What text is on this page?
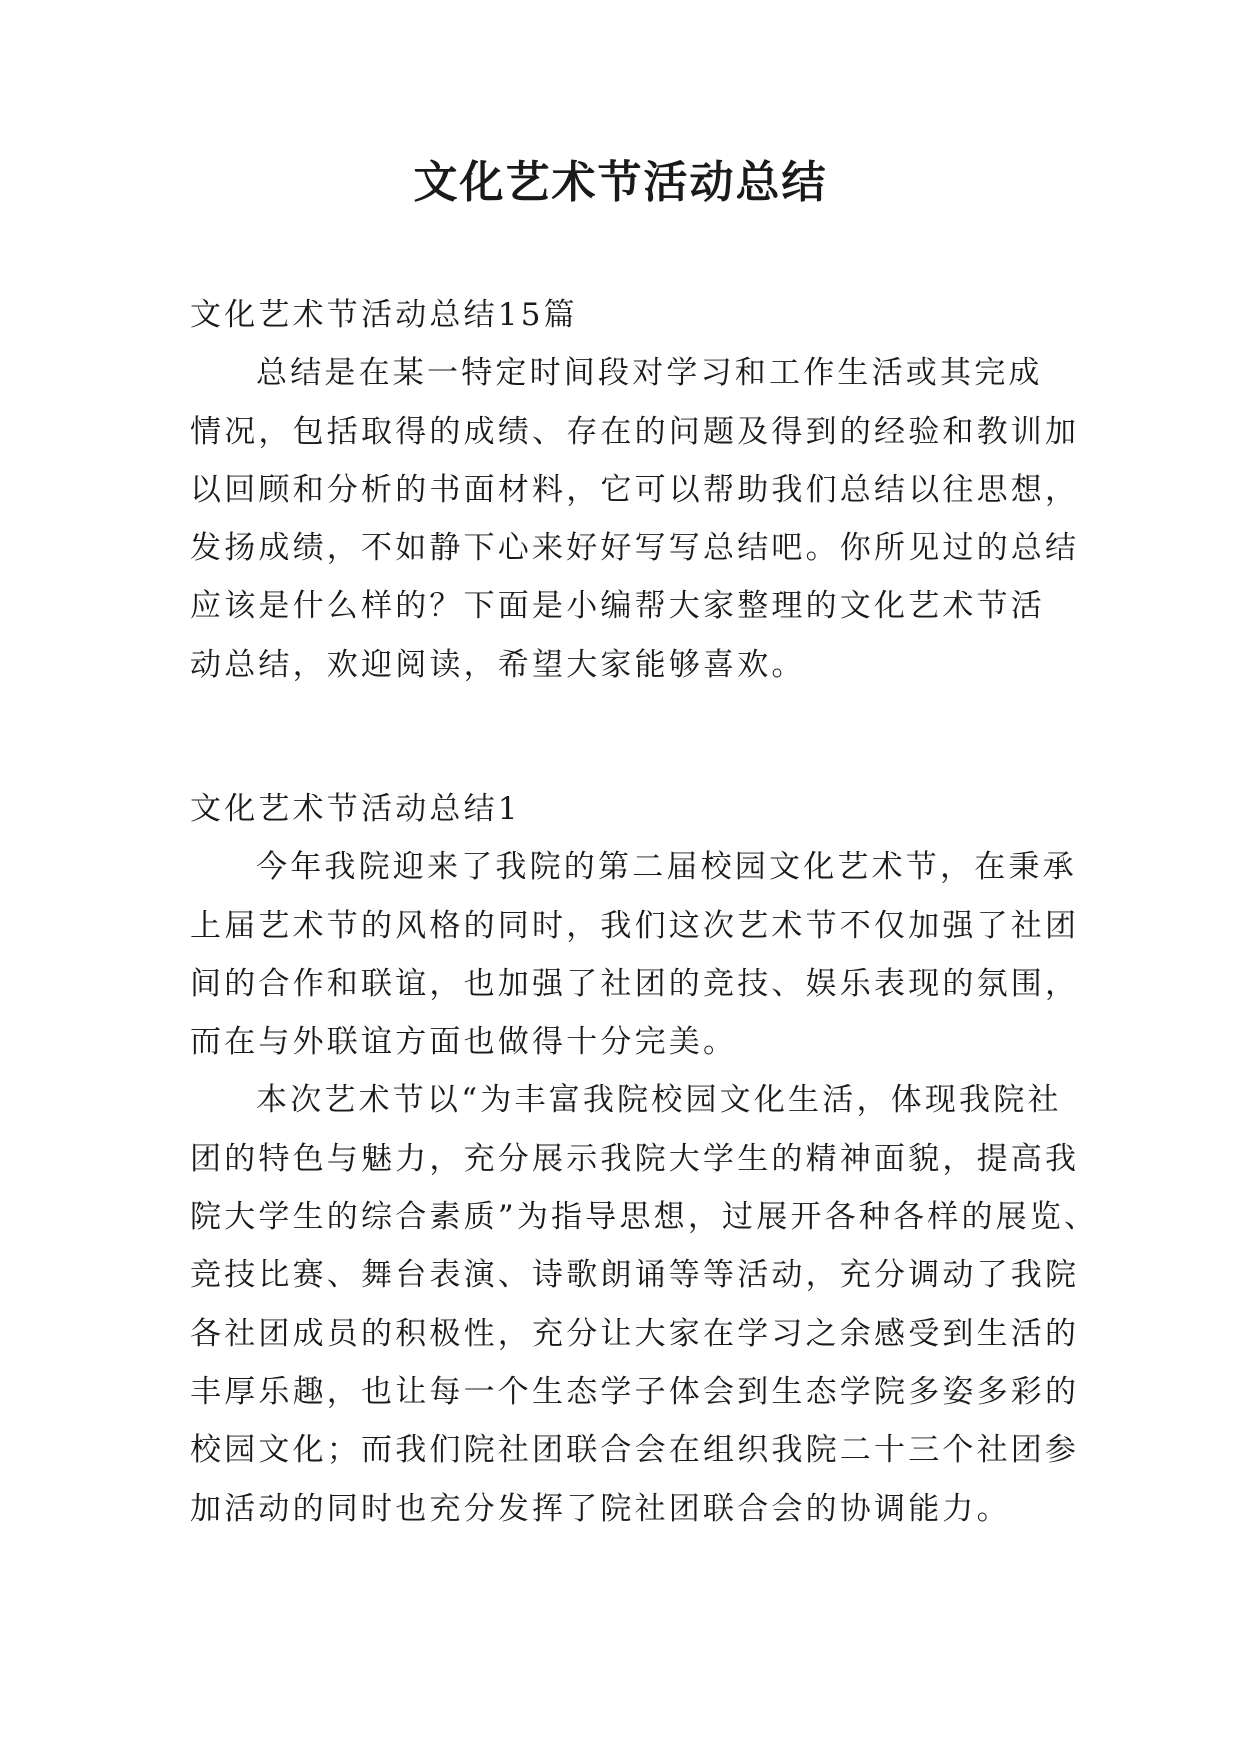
文化艺术节活动总结
文化艺术节活动总结15篇

总结是在某一特定时间段对学习和工作生活或其完成
情况，包括取得的成绩、存在的问题及得到的经验和教训加
以回顾和分析的书面材料，它可以帮助我们总结以往思想，
发扬成绩，不如静下心来好好写写总结吧。你所见过的总结
应该是什么样的？下面是小编帮大家整理的文化艺术节活
动总结，欢迎阅读，希望大家能够喜欢。

文化艺术节活动总结1

今年我院迎来了我院的第二届校园文化艺术节，在秉承
上届艺术节的风格的同时，我们这次艺术节不仅加强了社团
间的合作和联谊，也加强了社团的竞技、娱乐表现的氛围，
而在与外联谊方面也做得十分完美。

本次艺术节以“为丰富我院校园文化生活，体现我院社
团的特色与魅力，充分展示我院大学生的精神面貌，提高我
院大学生的综合素质”为指导思想，过展开各种各样的展览、
竞技比赛、舞台表演、诗歌朗诵等等活动，充分调动了我院
各社团成员的积极性，充分让大家在学习之余感受到生活的
丰厚乐趣，也让每一个生态学子体会到生态学院多姿多彩的
校园文化；而我们院社团联合会在组织我院二十三个社团参
加活动的同时也充分发挥了院社团联合会的协调能力。
